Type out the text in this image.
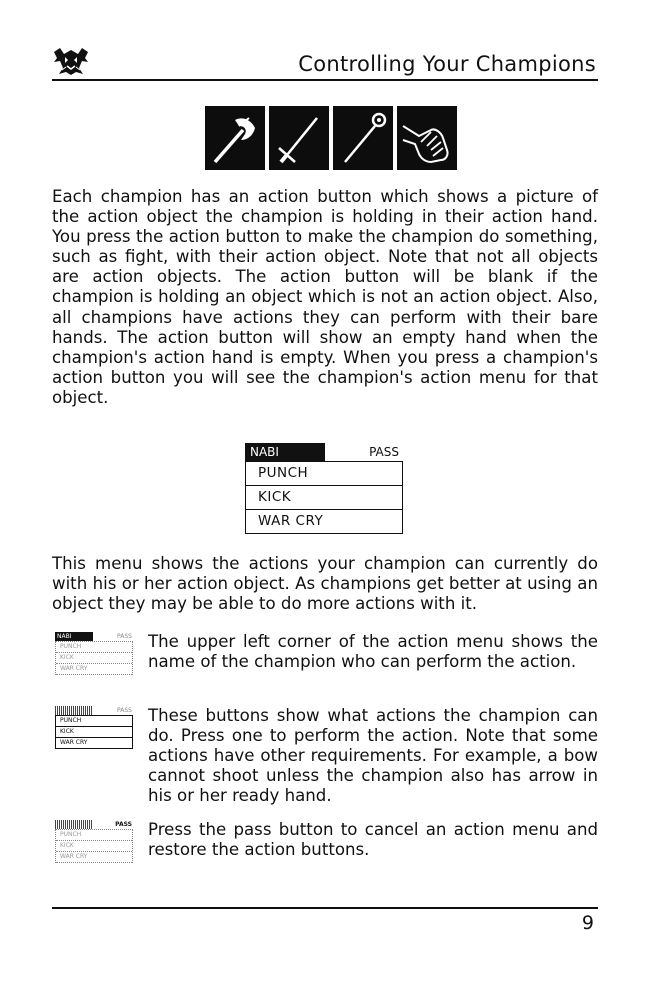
Controlling Your Champions

Each champion has an action button which shows a picture of the action object the champion is holding in their action hand. You press the action button to make the champion do something, such as fight, with their action object. Note that not all objects are action objects. The action button will be blank if the champion is holding an object which is not an action object. Also, all champions have actions they can perform with their bare hands. The action button will show an empty hand when the champion's action hand is empty. When you press a champion's action button you will see the champion's action menu for that object.

NABI	PASS
PUNCH
KICK
WAR CRY

This menu shows the actions your champion can currently do with his or her action object. As champions get better at using an object they may be able to do more actions with it.

NABI	PASS
PUNCH
KICK
WAR CRY

The upper left corner of the action menu shows the name of the champion who can perform the action.

PASS
PUNCH
KICK
WAR CRY

These buttons show what actions the champion can do. Press one to perform the action. Note that some actions have other requirements. For example, a bow cannot shoot unless the champion also has arrow in his or her ready hand.

PASS
PUNCH
KICK
WAR CRY

Press the pass button to cancel an action menu and restore the action buttons.

9
